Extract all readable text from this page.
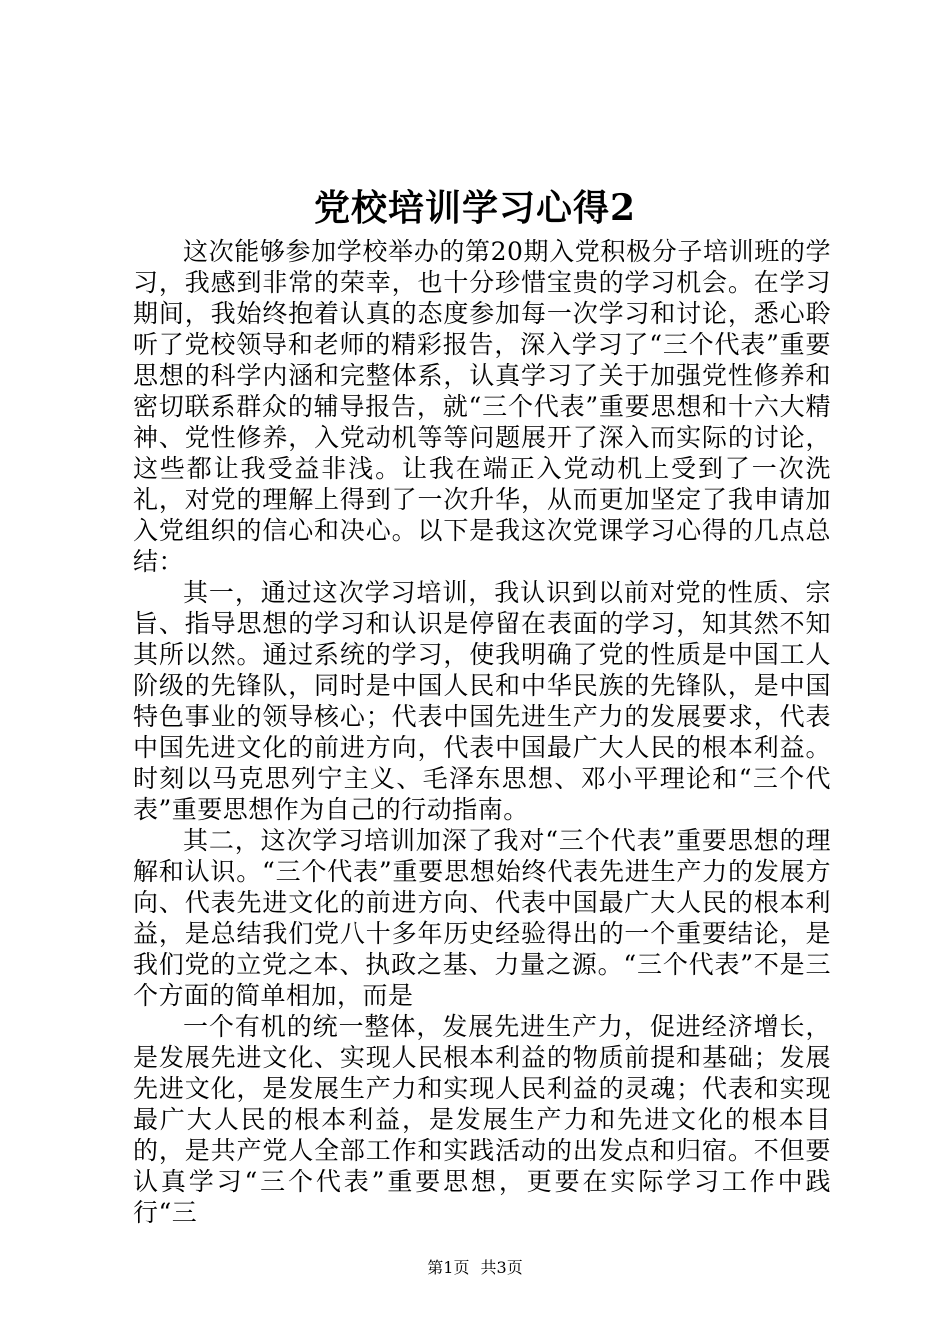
党校培训学习心得2

这次能够参加学校举办的第20期入党积极分子培训班的学习，我感到非常的荣幸，也十分珍惜宝贵的学习机会。在学习期间，我始终抱着认真的态度参加每一次学习和讨论，悉心聆听了党校领导和老师的精彩报告，深入学习了“三个代表”重要思想的科学内涵和完整体系，认真学习了关于加强党性修养和密切联系群众的辅导报告，就“三个代表”重要思想和十六大精神、党性修养，入党动机等等问题展开了深入而实际的讨论，这些都让我受益非浅。让我在端正入党动机上受到了一次洗礼，对党的理解上得到了一次升华，从而更加坚定了我申请加入党组织的信心和决心。以下是我这次党课学习心得的几点总结：

其一，通过这次学习培训，我认识到以前对党的性质、宗旨、指导思想的学习和认识是停留在表面的学习，知其然不知其所以然。通过系统的学习，使我明确了党的性质是中国工人阶级的先锋队，同时是中国人民和中华民族的先锋队，是中国特色事业的领导核心；代表中国先进生产力的发展要求，代表中国先进文化的前进方向，代表中国最广大人民的根本利益。时刻以马克思列宁主义、毛泽东思想、邓小平理论和“三个代表”重要思想作为自己的行动指南。

其二，这次学习培训加深了我对“三个代表”重要思想的理解和认识。“三个代表”重要思想始终代表先进生产力的发展方向、代表先进文化的前进方向、代表中国最广大人民的根本利益，是总结我们党八十多年历史经验得出的一个重要结论，是我们党的立党之本、执政之基、力量之源。“三个代表”不是三个方面的简单相加，而是

一个有机的统一整体，发展先进生产力，促进经济增长，是发展先进文化、实现人民根本利益的物质前提和基础；发展先进文化，是发展生产力和实现人民利益的灵魂；代表和实现最广大人民的根本利益，是发展生产力和先进文化的根本目的，是共产党人全部工作和实践活动的出发点和归宿。不但要认真学习“三个代表”重要思想，更要在实际学习工作中践行“三

第1页 共3页
